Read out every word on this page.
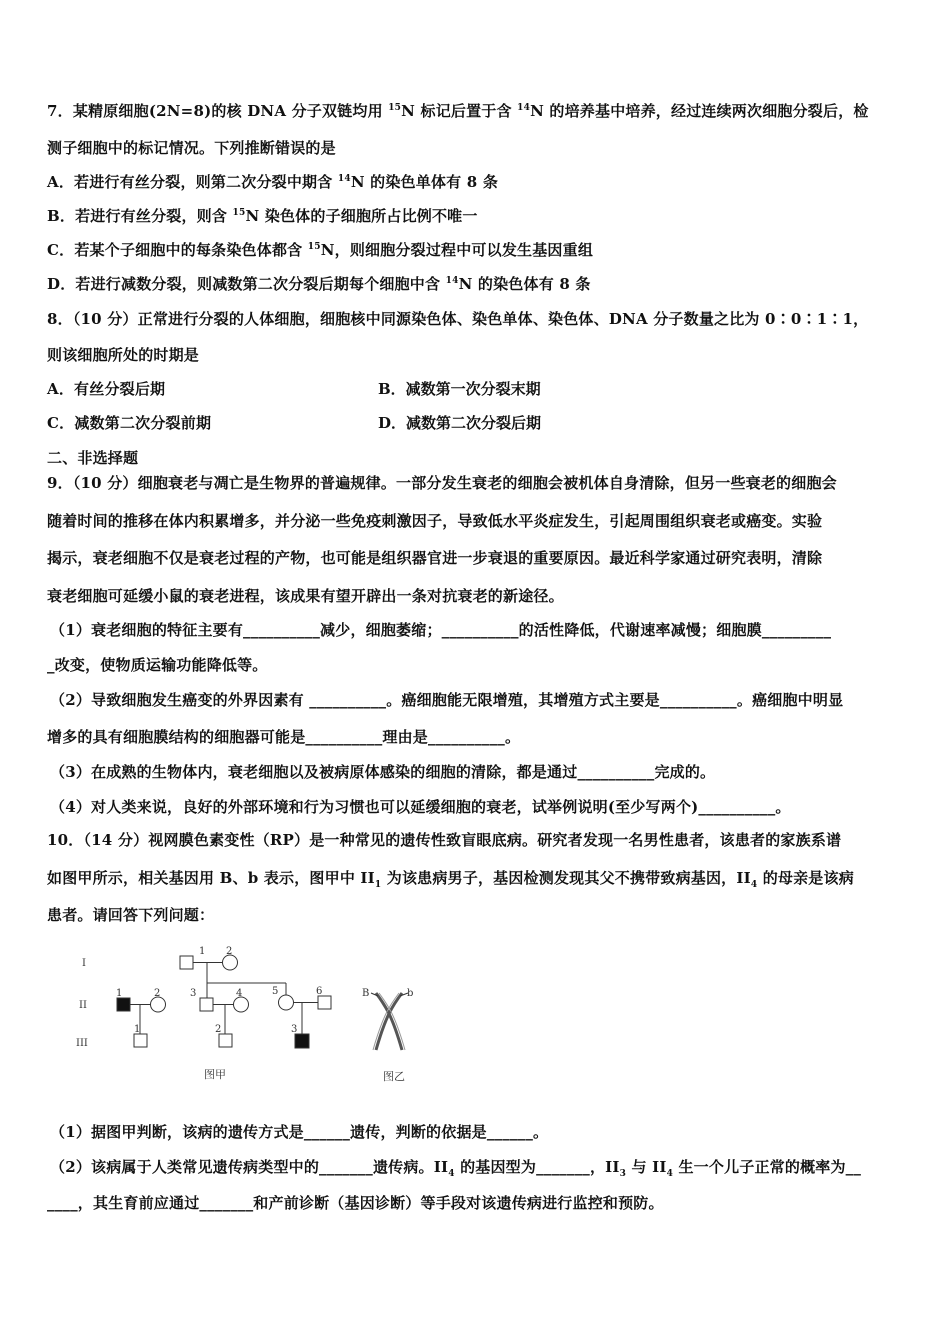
7．某精原细胞(2N=8)的核 DNA 分子双链均用 $^{15}$N 标记后置于含 $^{14}$N 的培养基中培养，经过连续两次细胞分裂后，检
测子细胞中的标记情况。下列推断错误的是
A．若进行有丝分裂，则第二次分裂中期含 $^{14}$N 的染色单体有 8 条
B．若进行有丝分裂，则含 $^{15}$N 染色体的子细胞所占比例不唯一
C．若某个子细胞中的每条染色体都含 $^{15}$N，则细胞分裂过程中可以发生基因重组
D．若进行减数分裂，则减数第二次分裂后期每个细胞中含 $^{14}$N 的染色体有 8 条
8．（10 分）正常进行分裂的人体细胞，细胞核中同源染色体、染色单体、染色体、DNA 分子数量之比为 0∶0∶1∶1，
则该细胞所处的时期是
A．有丝分裂后期	B．减数第一次分裂末期
C．减数第二次分裂前期	D．减数第二次分裂后期
二、非选择题
9．（10 分）细胞衰老与凋亡是生物界的普遍规律。一部分发生衰老的细胞会被机体自身清除，但另一些衰老的细胞会
随着时间的推移在体内积累增多，并分泌一些免疫刺激因子，导致低水平炎症发生，引起周围组织衰老或癌变。实验
揭示，衰老细胞不仅是衰老过程的产物，也可能是组织器官进一步衰退的重要原因。最近科学家通过研究表明，清除
衰老细胞可延缓小鼠的衰老进程，该成果有望开辟出一条对抗衰老的新途径。
（1）衰老细胞的特征主要有__________减少，细胞萎缩；__________的活性降低，代谢速率减慢；细胞膜_________
_改变，使物质运输功能降低等。
（2）导致细胞发生癌变的外界因素有 __________。癌细胞能无限增殖，其增殖方式主要是__________。癌细胞中明显
增多的具有细胞膜结构的细胞器可能是__________理由是__________。
（3）在成熟的生物体内，衰老细胞以及被病原体感染的细胞的清除，都是通过__________完成的。
（4）对人类来说，良好的外部环境和行为习惯也可以延缓细胞的衰老，试举例说明(至少写两个)__________。
10．（14 分）视网膜色素变性（RP）是一种常见的遗传性致盲眼底病。研究者发现一名男性患者，该患者的家族系谱
如图甲所示，相关基因用 B、b 表示，图甲中 $II_1$ 为该患病男子，基因检测发现其父不携带致病基因，$II_4$ 的母亲是该病
患者。请回答下列问题：
I
II
III
1 2
1	2	3	4	5	6
1	2	3
图甲
B	b
图乙
（1）据图甲判断，该病的遗传方式是______遗传，判断的依据是______。
（2）该病属于人类常见遗传病类型中的_______遗传病。$II_4$ 的基因型为_______，$II_3$ 与 $II_4$ 生一个儿子正常的概率为__
____，其生育前应通过_______和产前诊断（基因诊断）等手段对该遗传病进行监控和预防。
